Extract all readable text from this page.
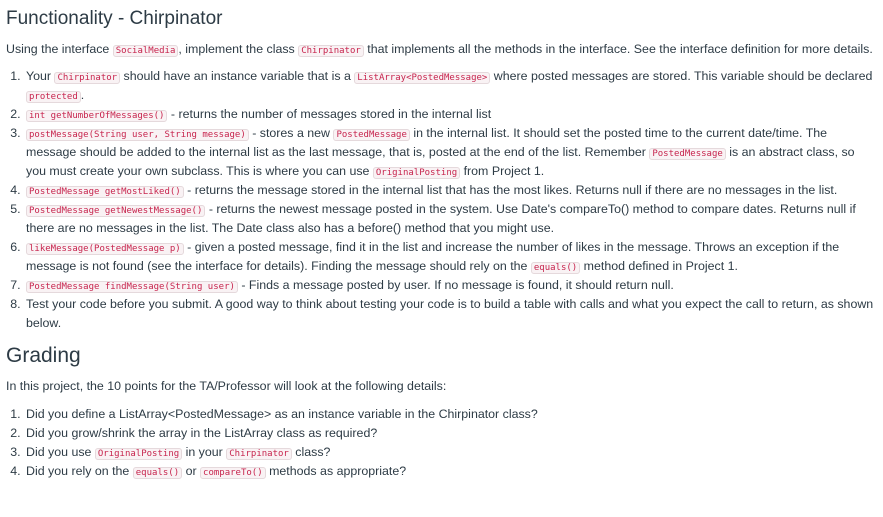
Functionality - Chirpinator

Using the interface SocialMedia , implement the class Chirpinator that implements all the methods in the interface. See the interface definition for more details.

1. Your Chirpinator should have an instance variable that is a ListArray<PostedMessage> where posted messages are stored. This variable should be declared protected .
2. int getNumberOfMessages() - returns the number of messages stored in the internal list
3. postMessage(String user, String message) - stores a new PostedMessage in the internal list. It should set the posted time to the current date/time. The message should be added to the internal list as the last message, that is, posted at the end of the list. Remember PostedMessage is an abstract class, so you must create your own subclass. This is where you can use OriginalPosting from Project 1.
4. PostedMessage getMostLiked() - returns the message stored in the internal list that has the most likes. Returns null if there are no messages in the list.
5. PostedMessage getNewestMessage() - returns the newest message posted in the system. Use Date's compareTo() method to compare dates. Returns null if there are no messages in the list. The Date class also has a before() method that you might use.
6. likeMessage(PostedMessage p) - given a posted message, find it in the list and increase the number of likes in the message. Throws an exception if the message is not found (see the interface for details). Finding the message should rely on the equals() method defined in Project 1.
7. PostedMessage findMessage(String user) - Finds a message posted by user. If no message is found, it should return null.
8. Test your code before you submit. A good way to think about testing your code is to build a table with calls and what you expect the call to return, as shown below.
Grading

In this project, the 10 points for the TA/Professor will look at the following details:

1. Did you define a ListArray<PostedMessage> as an instance variable in the Chirpinator class?
2. Did you grow/shrink the array in the ListArray class as required?
3. Did you use OriginalPosting in your Chirpinator class?
4. Did you rely on the equals() or compareTo() methods as appropriate?
